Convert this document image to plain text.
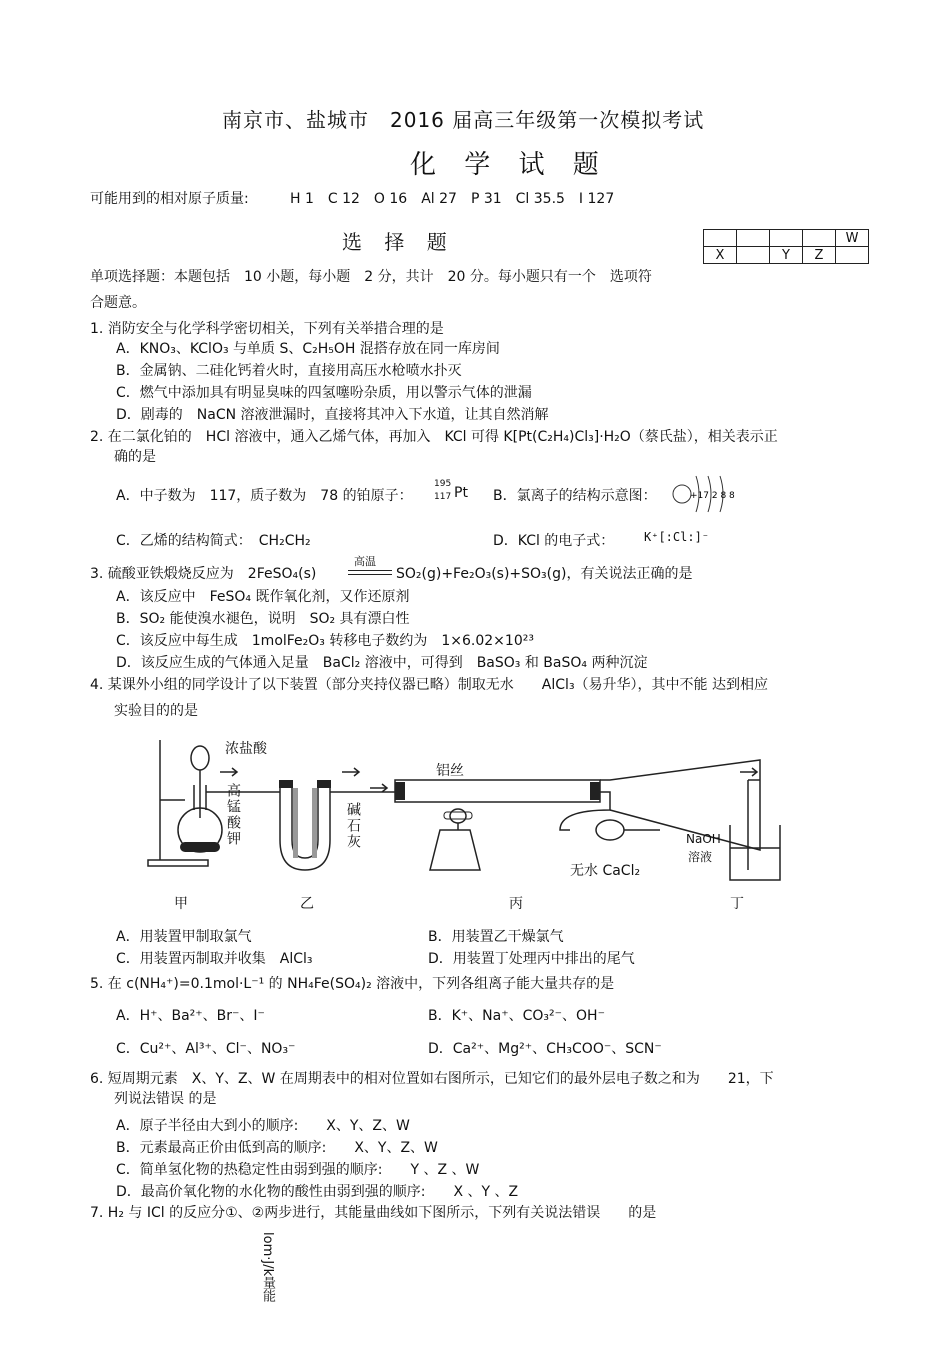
南京市、盐城市　2016 届高三年级第一次模拟考试
化 学 试 题
可能用到的相对原子质量:	H 1　C 12　O 16　Al 27　P 31　Cl 35.5　I 127
选 择 题
单项选择题：本题包括　10 小题，每小题　2 分，共计　20 分。每小题只有一个　选项符
合题意。
				W
X		Y	Z	
1. 消防安全与化学科学密切相关，下列有关举措合理的是
A．KNO₃、KClO₃ 与单质 S、C₂H₅OH 混搭存放在同一库房间
B．金属钠、二硅化钙着火时，直接用高压水枪喷水扑灭
C．燃气中添加具有明显臭味的四氢噻吩杂质，用以警示气体的泄漏
D．剧毒的　NaCN 溶液泄漏时，直接将其冲入下水道，让其自然消解
2. 在二氯化铂的　HCl 溶液中，通入乙烯气体，再加入　KCl 可得 K[Pt(C₂H₄)Cl₃]·H₂O（蔡氏盐），相关表示正
确的是
A．中子数为　117，质子数为　78 的铂原子：
195
117 Pt B．氯离子的结构示意图：	+17 2 8 8
C．乙烯的结构简式：　CH₂CH₂	D．KCl 的电子式： K⁺[:Cl:]⁻
3. 硫酸亚铁煅烧反应为　2FeSO₄(s)
高温
SO₂(g)+Fe₂O₃(s)+SO₃(g)，有关说法正确的是
A．该反应中　FeSO₄ 既作氧化剂，又作还原剂
B．SO₂ 能使溴水褪色，说明　SO₂ 具有漂白性
C．该反应中每生成　1molFe₂O₃ 转移电子数约为　1×6.02×10²³
D．该反应生成的气体通入足量　BaCl₂ 溶液中，可得到　BaSO₃ 和 BaSO₄ 两种沉淀
4. 某课外小组的同学设计了以下装置（部分夹持仪器已略）制取无水　　AlCl₃（易升华），其中不能 达到相应
实验目的的是
浓盐酸
高锰酸钾	碱石灰
铝丝
无水 CaCl₂
NaOH
溶液
甲	乙	丙	丁
A．用装置甲制取氯气	B．用装置乙干燥氯气
C．用装置丙制取并收集　AlCl₃	D．用装置丁处理丙中排出的尾气
5. 在 c(NH₄⁺)=0.1mol·L⁻¹ 的 NH₄Fe(SO₄)₂ 溶液中，下列各组离子能大量共存的是
A．H⁺、Ba²⁺、Br⁻、I⁻	B．K⁺、Na⁺、CO₃²⁻、OH⁻
C．Cu²⁺、Al³⁺、Cl⁻、NO₃⁻	D．Ca²⁺、Mg²⁺、CH₃COO⁻、SCN⁻
6. 短周期元素　X、Y、Z、W 在周期表中的相对位置如右图所示，已知它们的最外层电子数之和为　　21，下
列说法错误 的是
A．原子半径由大到小的顺序:　　X、Y、Z、W
B．元素最高正价由低到高的顺序:　　X、Y、Z、W
C．简单氢化物的热稳定性由弱到强的顺序:　　Y 、Z 、W
D．最高价氧化物的水化物的酸性由弱到强的顺序:　　X 、Y 、Z
7. H₂ 与 ICl 的反应分①、②两步进行，其能量曲线如下图所示，下列有关说法错误　　的是
lom·J/k量能
